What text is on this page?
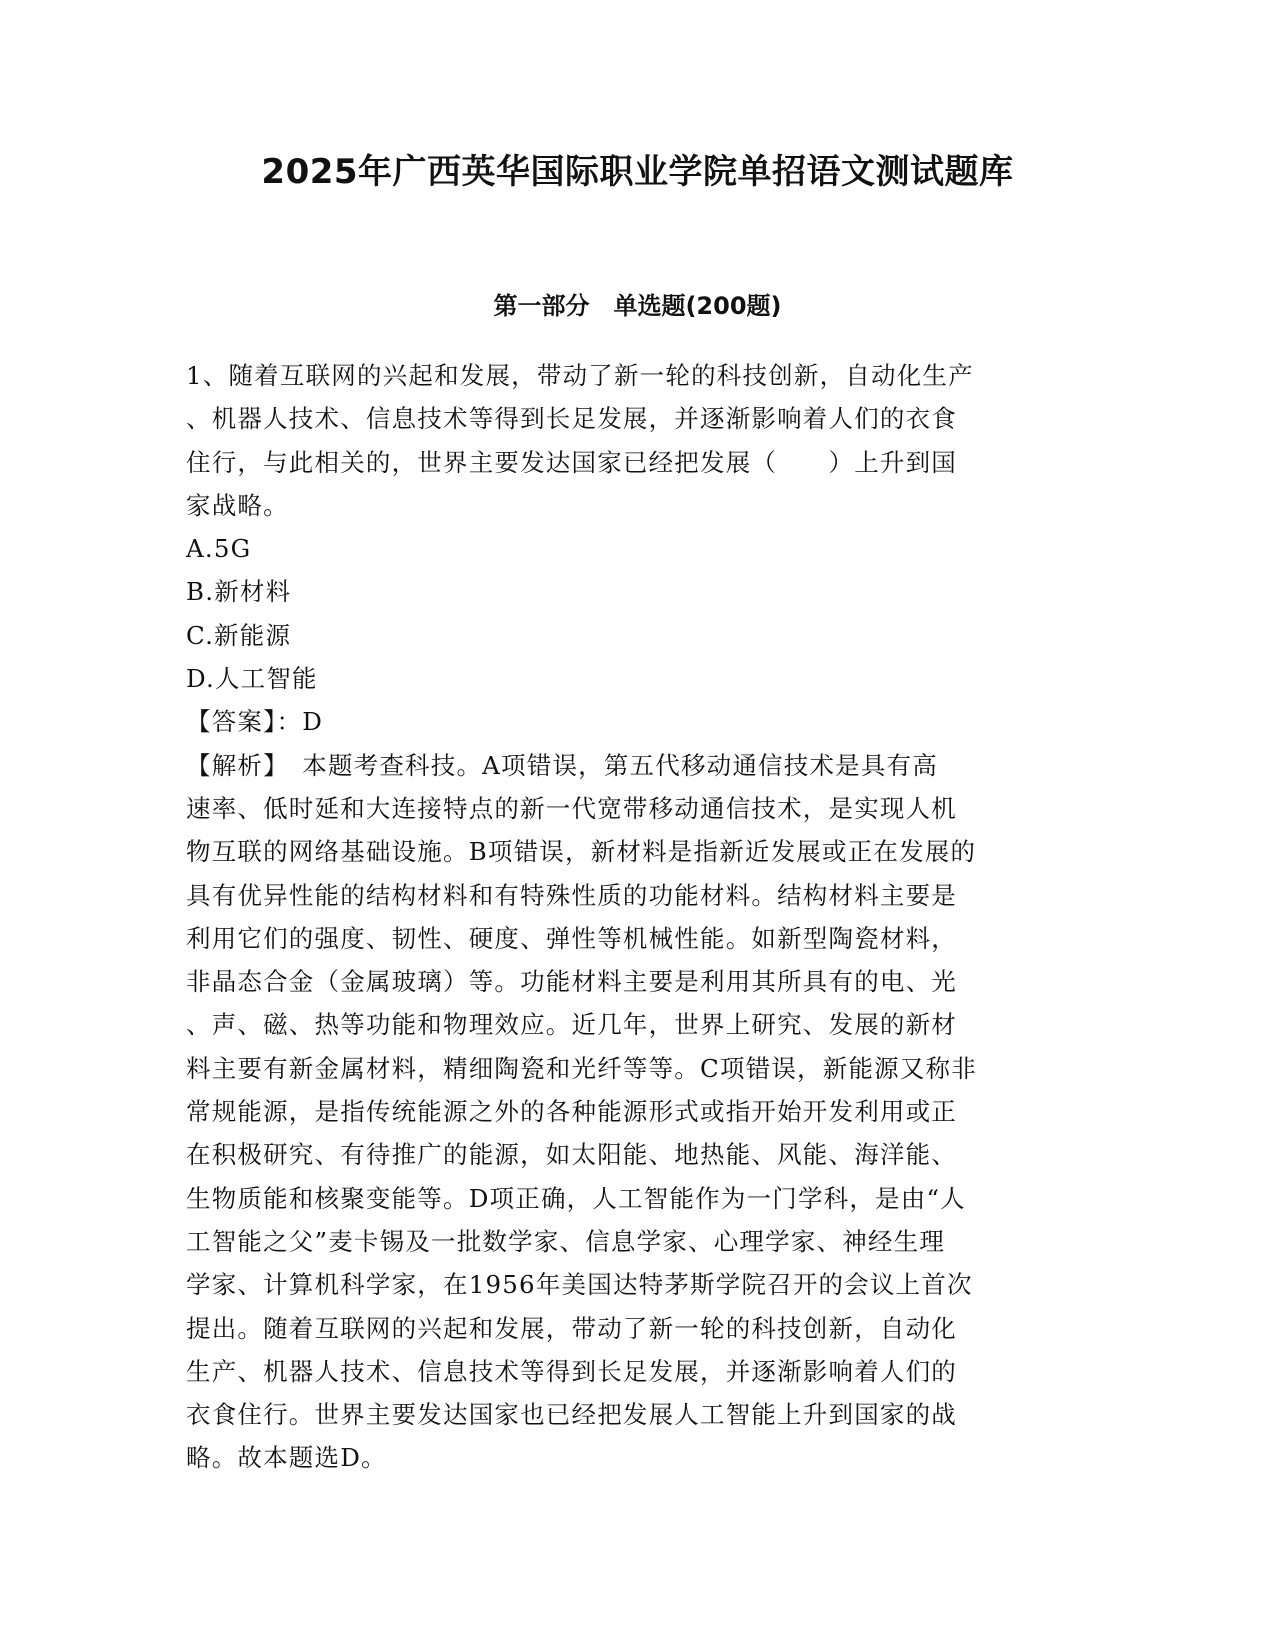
2025年广西英华国际职业学院单招语文测试题库
第一部分　单选题(200题)
1、随着互联网的兴起和发展，带动了新一轮的科技创新，自动化生产
、机器人技术、信息技术等得到长足发展，并逐渐影响着人们的衣食
住行，与此相关的，世界主要发达国家已经把发展（　　）上升到国
家战略。
A.5G
B.新材料
C.新能源
D.人工智能
【答案】：D
【解析】　本题考查科技。A项错误，第五代移动通信技术是具有高
速率、低时延和大连接特点的新一代宽带移动通信技术，是实现人机
物互联的网络基础设施。B项错误，新材料是指新近发展或正在发展的
具有优异性能的结构材料和有特殊性质的功能材料。结构材料主要是
利用它们的强度、韧性、硬度、弹性等机械性能。如新型陶瓷材料，
非晶态合金（金属玻璃）等。功能材料主要是利用其所具有的电、光
、声、磁、热等功能和物理效应。近几年，世界上研究、发展的新材
料主要有新金属材料，精细陶瓷和光纤等等。C项错误，新能源又称非
常规能源，是指传统能源之外的各种能源形式或指开始开发利用或正
在积极研究、有待推广的能源，如太阳能、地热能、风能、海洋能、
生物质能和核聚变能等。D项正确，人工智能作为一门学科，是由“人
工智能之父”麦卡锡及一批数学家、信息学家、心理学家、神经生理
学家、计算机科学家，在1956年美国达特茅斯学院召开的会议上首次
提出。随着互联网的兴起和发展，带动了新一轮的科技创新，自动化
生产、机器人技术、信息技术等得到长足发展，并逐渐影响着人们的
衣食住行。世界主要发达国家也已经把发展人工智能上升到国家的战
略。故本题选D。
